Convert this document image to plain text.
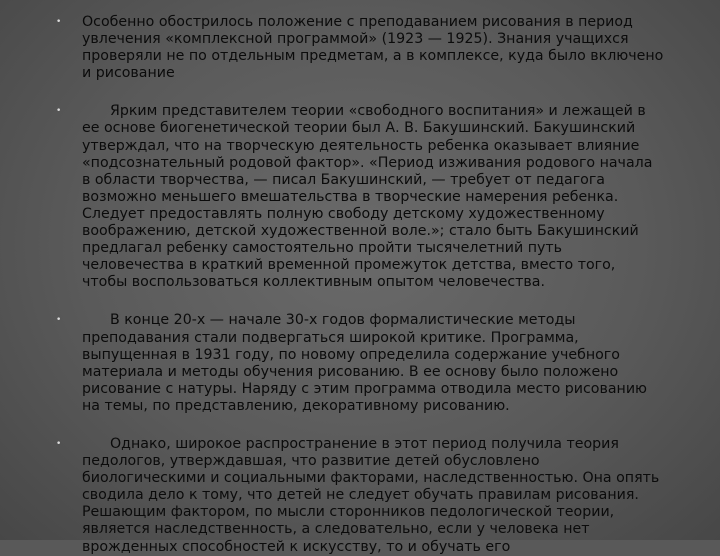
• Особенно обострилось положение с преподаванием рисования в период увлечения «комплексной программой» (1923 — 1925). Знания учащихся проверяли не по отдельным предметам, а в комплексе, куда было включено и рисование
•	Ярким представителем теории «свободного воспитания» и лежащей в ее основе биогенетической теории был А. В. Бакушинский. Бакушинский утверждал, что на творческую деятельность ребенка оказывает влияние «подсознательный родовой фактор». «Период изживания родового начала в области творчества, — писал Бакушинский, — требует от педагога возможно меньшего вмешательства в творческие намерения ребенка. Следует предоставлять полную свободу детскому художественному воображению, детской художественной воле.»; стало быть Бакушинский предлагал ребенку самостоятельно пройти тысячелетний путь человечества в краткий временной промежуток детства, вместо того, чтобы воспользоваться коллективным опытом человечества.
•	В конце 20-х — начале 30-х годов формалистические методы преподавания стали подвергаться широкой критике. Программа, выпущенная в 1931 году, по новому определила содержание учебного материала и методы обучения рисованию. В ее основу было положено рисование с натуры. Наряду с этим программа отводила место рисованию на темы, по представлению, декоративному рисованию.
•	Однако, широкое распространение в этот период получила теория педологов, утверждавшая, что развитие детей обусловлено биологическими и социальными факторами, наследственностью. Она опять сводила дело к тому, что детей не следует обучать правилам рисования. Решающим фактором, по мысли сторонников педологической теории, является наследственность, а следовательно, если у человека нет врожденных способностей к искусству, то и обучать его
